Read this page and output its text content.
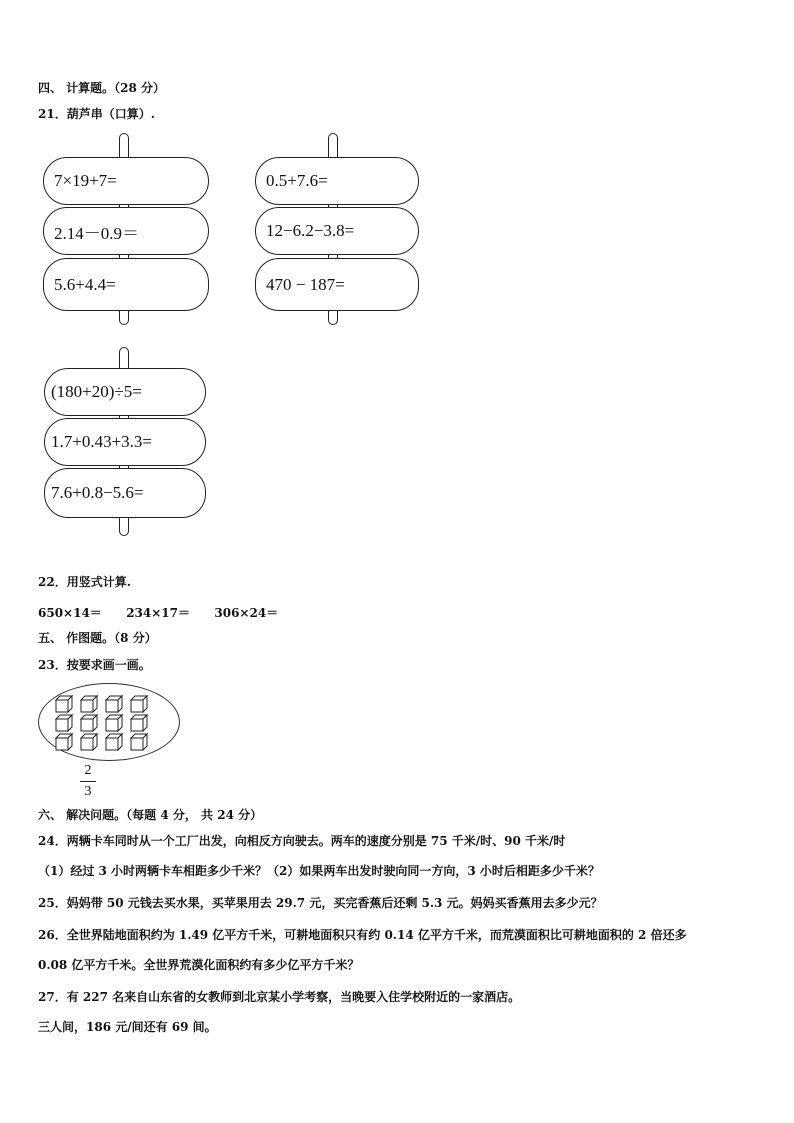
四、 计算题。（28 分）
21．葫芦串（口算）.
7×19+7=
2.14－0.9＝
5.6+4.4=
0.5+7.6=
12−6.2−3.8=
470 − 187=
(180+20)÷5=
1.7+0.43+3.3=
7.6+0.8−5.6=
22．用竖式计算.
650×14＝ 234×17＝ 306×24＝
五、 作图题。（8 分）
23．按要求画一画。
2
3
六、 解决问题。（每题 4 分， 共 24 分）
24．两辆卡车同时从一个工厂出发，向相反方向驶去。两车的速度分别是 75 千米/时、90 千米/时
（1）经过 3 小时两辆卡车相距多少千米？（2）如果两车出发时驶向同一方向，3 小时后相距多少千米？
25．妈妈带 50 元钱去买水果，买苹果用去 29.7 元，买完香蕉后还剩 5.3 元。妈妈买香蕉用去多少元？
26．全世界陆地面积约为 1.49 亿平方千米，可耕地面积只有约 0.14 亿平方千米，而荒漠面积比可耕地面积的 2 倍还多
0.08 亿平方千米。全世界荒漠化面积约有多少亿平方千米？
27．有 227 名来自山东省的女教师到北京某小学考察，当晚要入住学校附近的一家酒店。
三人间，186 元/间还有 69 间。
